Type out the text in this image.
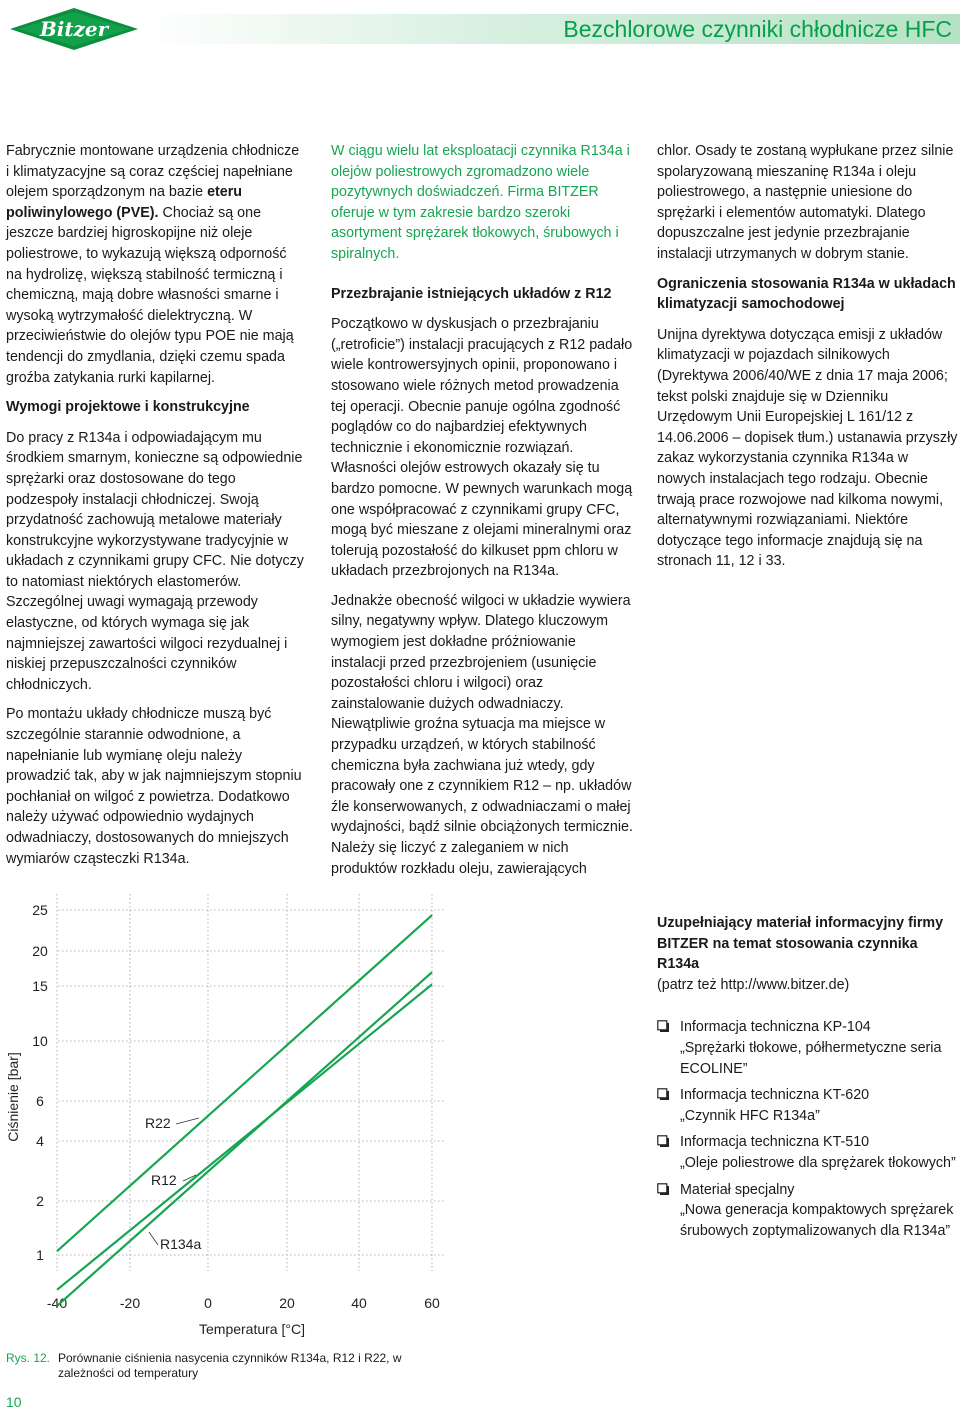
Bitzer	Bezchlorowe czynniki chłodnicze HFC

Fabrycznie montowane urządzenia chłodnicze i klimatyzacyjne są coraz częściej napełniane olejem sporządzonym na bazie eteru poliwinylowego (PVE). Chociaż są one jeszcze bardziej higroskopijne niż oleje poliestrowe, to wykazują większą odporność na hydrolizę, większą stabilność termiczną i chemiczną, mają dobre własności smarne i wysoką wytrzymałość dielektryczną. W przeciwieństwie do olejów typu POE nie mają tendencji do zmydlania, dzięki czemu spada groźba zatykania rurki kapilarnej.

Wymogi projektowe i konstrukcyjne

Do pracy z R134a i odpowiadającym mu środkiem smarnym, konieczne są odpowiednie sprężarki oraz dostosowane do tego podzespoły instalacji chłodniczej. Swoją przydatność zachowują metalowe materiały konstrukcyjne wykorzystywane tradycyjnie w układach z czynnikami grupy CFC. Nie dotyczy to natomiast niektórych elastomerów. Szczególnej uwagi wymagają przewody elastyczne, od których wymaga się jak najmniejszej zawartości wilgoci rezydualnej i niskiej przepuszczalności czynników chłodniczych.

Po montażu układy chłodnicze muszą być szczególnie starannie odwodnione, a napełnianie lub wymianę oleju należy prowadzić tak, aby w jak najmniejszym stopniu pochłaniał on wilgoć z powietrza. Dodatkowo należy używać odpowiednio wydajnych odwadniaczy, dostosowanych do mniejszych wymiarów cząsteczki R134a.

W ciągu wielu lat eksploatacji czynnika R134a i olejów poliestrowych zgromadzono wiele pozytywnych doświadczeń. Firma BITZER oferuje w tym zakresie bardzo szeroki asortyment sprężarek tłokowych, śrubowych i spiralnych.

Przezbrajanie istniejących układów z R12

Początkowo w dyskusjach o przezbrajaniu („retroficie”) instalacji pracujących z R12 padało wiele kontrowersyjnych opinii, proponowano i stosowano wiele różnych metod prowadzenia tej operacji. Obecnie panuje ogólna zgodność poglądów co do najbardziej efektywnych technicznie i ekonomicznie rozwiązań. Własności olejów estrowych okazały się tu bardzo pomocne. W pewnych warunkach mogą one współpracować z czynnikami grupy CFC, mogą być mieszane z olejami mineralnymi oraz tolerują pozostałość do kilkuset ppm chloru w układach przezbrojonych na R134a.

Jednakże obecność wilgoci w układzie wywiera silny, negatywny wpływ. Dlatego kluczowym wymogiem jest dokładne próżniowanie instalacji przed przezbrojeniem (usunięcie pozostałości chloru i wilgoci) oraz zainstalowanie dużych odwadniaczy. Niewątpliwie groźna sytuacja ma miejsce w przypadku urządzeń, w których stabilność chemiczna była zachwiana już wtedy, gdy pracowały one z czynnikiem R12 – np. układów źle konserwowanych, z odwadniaczami o małej wydajności, bądź silnie obciążonych termicznie. Należy się liczyć z zaleganiem w nich produktów rozkładu oleju, zawierających

chlor. Osady te zostaną wypłukane przez silnie spolaryzowaną mieszaninę R134a i oleju poliestrowego, a następnie uniesione do sprężarki i elementów automatyki. Dlatego dopuszczalne jest jedynie przezbrajanie instalacji utrzymanych w dobrym stanie.

Ograniczenia stosowania R134a w układach klimatyzacji samochodowej

Unijna dyrektywa dotycząca emisji z układów klimatyzacji w pojazdach silnikowych (Dyrektywa 2006/40/WE z dnia 17 maja 2006; tekst polski znajduje się w Dzienniku Urzędowym Unii Europejskiej L 161/12 z 14.06.2006 – dopisek tłum.) ustanawia przyszły zakaz wykorzystania czynnika R134a w nowych instalacjach tego rodzaju. Obecnie trwają prace rozwojowe nad kilkoma nowymi, alternatywnymi rozwiązaniami. Niektóre dotyczące tego informacje znajdują się na stronach 11, 12 i 33.

25
20
15
10
6
4
2
1
-40	-20	0	20	40	60
R22
R12
R134a
Ciśnienie [bar]
Temperatura [°C]
Rys. 12. Porównanie ciśnienia nasycenia czynników R134a, R12 i R22, w zależności od temperatury
10
Uzupełniający materiał informacyjny firmy BITZER na temat stosowania czynnika R134a
(patrz też http://www.bitzer.de)
Informacja techniczna KP-104
„Sprężarki tłokowe, półhermetyczne seria ECOLINE”
Informacja techniczna KT-620
„Czynnik HFC R134a”
Informacja techniczna KT-510
„Oleje poliestrowe dla sprężarek tłokowych”
Materiał specjalny
„Nowa generacja kompaktowych sprężarek śrubowych zoptymalizowanych dla R134a”
